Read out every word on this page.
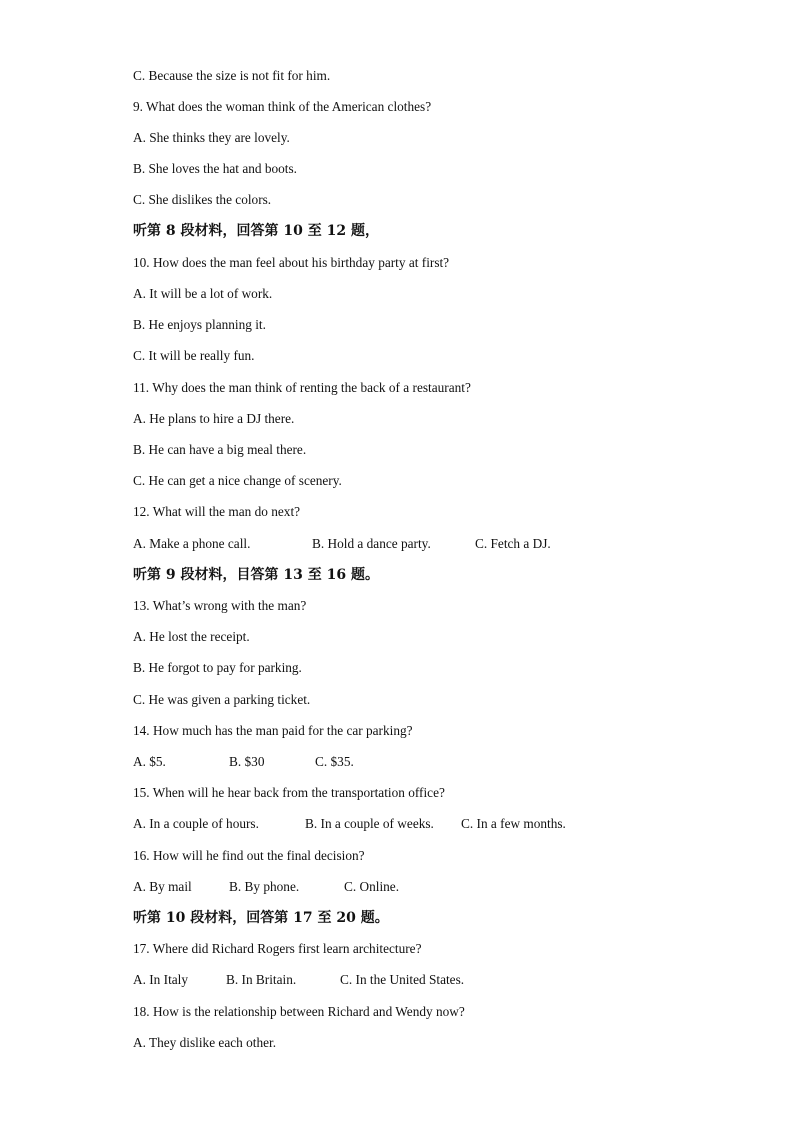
C. Because the size is not fit for him.
9. What does the woman think of the American clothes?
A. She thinks they are lovely.
B. She loves the hat and boots.
C. She dislikes the colors.
听第 8 段材料，回答第 10 至 12 题，
10. How does the man feel about his birthday party at first?
A. It will be a lot of work.
B. He enjoys planning it.
C. It will be really fun.
11. Why does the man think of renting the back of a restaurant?
A. He plans to hire a DJ there.
B. He can have a big meal there.
C. He can get a nice change of scenery.
12. What will the man do next?
A. Make a phone call.	B. Hold a dance party.	C. Fetch a DJ.
听第 9 段材料，目答第 13 至 16 题。
13. What’s wrong with the man?
A. He lost the receipt.
B. He forgot to pay for parking.
C. He was given a parking ticket.
14. How much has the man paid for the car parking?
A. $5.	B. $30	C. $35.
15. When will he hear back from the transportation office?
A. In a couple of hours.	B. In a couple of weeks. C. In a few months.
16. How will he find out the final decision?
A. By mail	B. By phone.	C. Online.
听第 10 段材料，回答第 17 至 20 题。
17. Where did Richard Rogers first learn architecture?
A. In Italy	B. In Britain.	C. In the United States.
18. How is the relationship between Richard and Wendy now?
A. They dislike each other.
